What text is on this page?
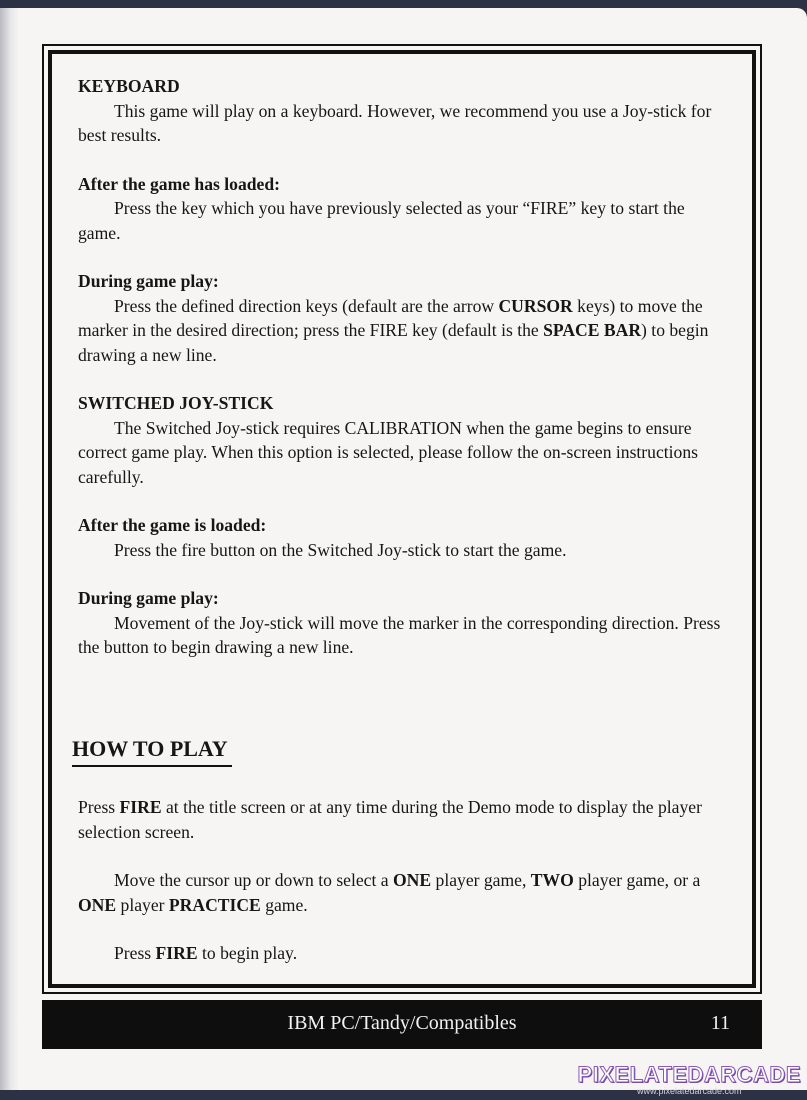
KEYBOARD

This game will play on a keyboard. However, we recommend you use a Joy-stick for best results.

After the game has loaded:

Press the key which you have previously selected as your “FIRE” key to start the game.

During game play:

Press the defined direction keys (default are the arrow CURSOR keys) to move the marker in the desired direction; press the FIRE key (default is the SPACE BAR) to begin drawing a new line.

SWITCHED JOY-STICK

The Switched Joy-stick requires CALIBRATION when the game begins to ensure correct game play. When this option is selected, please follow the on-screen instructions carefully.

After the game is loaded:

Press the fire button on the Switched Joy-stick to start the game.

During game play:

Movement of the Joy-stick will move the marker in the corresponding direction. Press the button to begin drawing a new line.

HOW TO PLAY

Press FIRE at the title screen or at any time during the Demo mode to display the player selection screen.

Move the cursor up or down to select a ONE player game, TWO player game, or a ONE player PRACTICE game.

Press FIRE to begin play.

IBM PC/Tandy/Compatibles	11
PIXELATEDARCADE
www.pixelatedarcade.com
